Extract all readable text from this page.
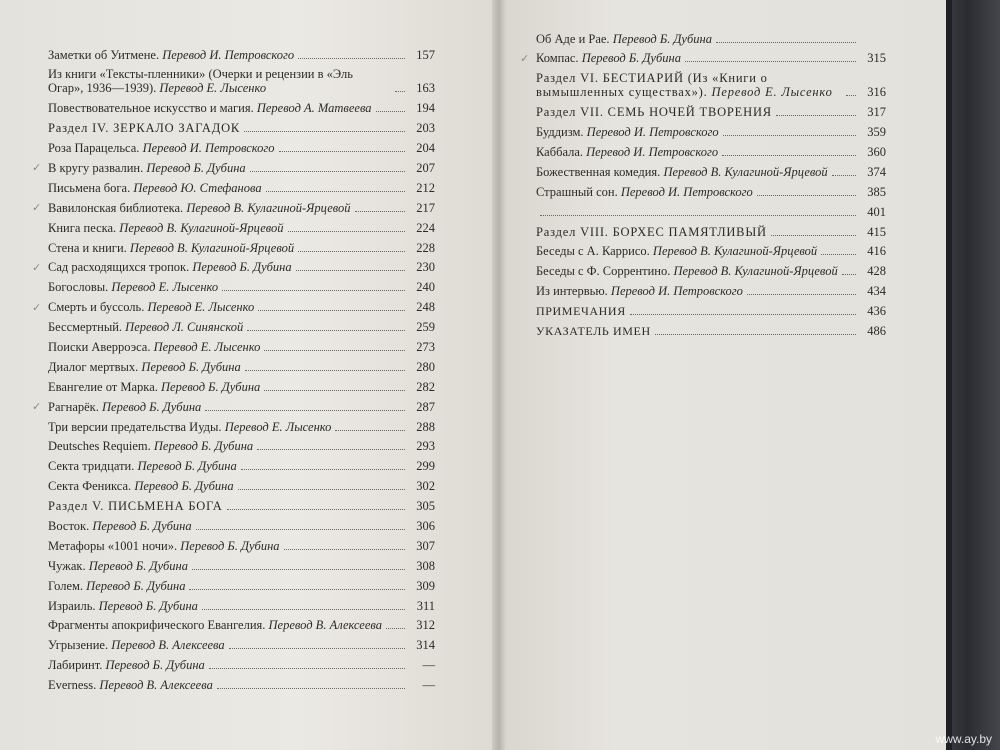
Заметки об Уитмене. Перевод И. Петровского	157
Из книги «Тексты-пленники» (Очерки и рецензии в «Эль Огар», 1936—1939). Перевод Е. Лысенко	163
Повествовательное искусство и магия. Перевод А. Матвеева	194
Раздел IV. ЗЕРКАЛО ЗАГАДОК	203
Роза Парацельса. Перевод И. Петровского	204
✓ В кругу развалин. Перевод Б. Дубина	207
Письмена бога. Перевод Ю. Стефанова	212
✓ Вавилонская библиотека. Перевод В. Кулагиной-Ярцевой	217
Книга песка. Перевод В. Кулагиной-Ярцевой	224
Стена и книги. Перевод В. Кулагиной-Ярцевой	228
✓ Сад расходящихся тропок. Перевод Б. Дубина	230
Богословы. Перевод Е. Лысенко	240
✓ Смерть и буссоль. Перевод Е. Лысенко	248
Бессмертный. Перевод Л. Синянской	259
Поиски Аверроэса. Перевод Е. Лысенко	273
Диалог мертвых. Перевод Б. Дубина	280
Евангелие от Марка. Перевод Б. Дубина	282
✓ Рагнарёк. Перевод Б. Дубина	287
Три версии предательства Иуды. Перевод Е. Лысенко	288
Deutsches Requiem. Перевод Б. Дубина	293
Секта тридцати. Перевод Б. Дубина	299
Секта Феникса. Перевод Б. Дубина	302
Раздел V. ПИСЬМЕНА БОГА	305
Восток. Перевод Б. Дубина	306
Метафоры «1001 ночи». Перевод Б. Дубина	307
Чужак. Перевод Б. Дубина	308
Голем. Перевод Б. Дубина	309
Израиль. Перевод Б. Дубина	311
Фрагменты апокрифического Евангелия. Перевод В. Алексеева	312
Угрызение. Перевод В. Алексеева	314
Лабиринт. Перевод Б. Дубина	—
Everness. Перевод В. Алексеева	—
Об Аде и Рае. Перевод Б. Дубина
✓ Компас. Перевод Б. Дубина	315
Раздел VI. БЕСТИАРИЙ (Из «Книги о вымышленных существах»). Перевод Е. Лысенко	316
Раздел VII. СЕМЬ НОЧЕЙ ТВОРЕНИЯ	317
Буддизм. Перевод И. Петровского	359
Каббала. Перевод И. Петровского	360
Божественная комедия. Перевод В. Кулагиной-Ярцевой	374
Страшный сон. Перевод И. Петровского	385
401
Раздел VIII. БОРХЕС ПАМЯТЛИВЫЙ	415
Беседы с А. Каррисо. Перевод В. Кулагиной-Ярцевой	416
Беседы с Ф. Соррентино. Перевод В. Кулагиной-Ярцевой	428
Из интервью. Перевод И. Петровского	434
ПРИМЕЧАНИЯ	436
УКАЗАТЕЛЬ ИМЕН	486
www.ay.by
